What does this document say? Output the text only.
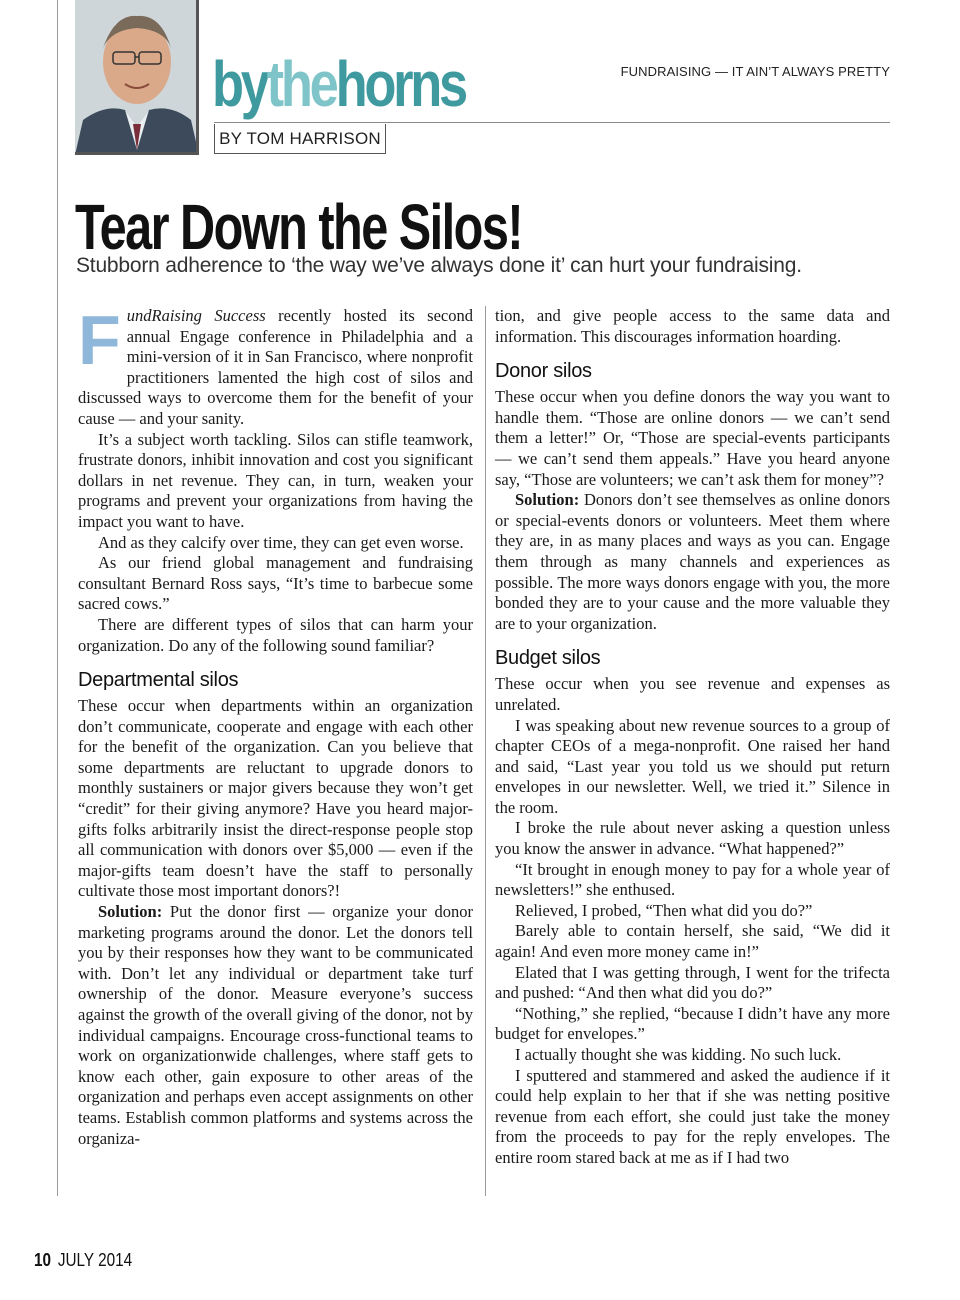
bythehorns
BY TOM HARRISON
FUNDRAISING — IT AIN’T ALWAYS PRETTY
Tear Down the Silos!
Stubborn adherence to ‘the way we’ve always done it’ can hurt your fundraising.

FundRaising Success recently hosted its second annual Engage conference in Philadelphia and a mini-version of it in San Francisco, where nonprofit practitioners lamented the high cost of silos and discussed ways to overcome them for the benefit of your cause — and your sanity.

It’s a subject worth tackling. Silos can stifle teamwork, frustrate donors, inhibit innovation and cost you significant dollars in net revenue. They can, in turn, weaken your programs and prevent your organizations from having the impact you want to have.

And as they calcify over time, they can get even worse.

As our friend global management and fundraising consultant Bernard Ross says, “It’s time to barbecue some sacred cows.”

There are different types of silos that can harm your organization. Do any of the following sound familiar?

Departmental silos

These occur when departments within an organization don’t communicate, cooperate and engage with each other for the benefit of the organization. Can you believe that some departments are reluctant to upgrade donors to monthly sustainers or major givers because they won’t get “credit” for their giving anymore? Have you heard major-gifts folks arbitrarily insist the direct-response people stop all communication with donors over $5,000 — even if the major-gifts team doesn’t have the staff to personally cultivate those most important donors?!

Solution: Put the donor first — organize your donor marketing programs around the donor. Let the donors tell you by their responses how they want to be communicated with. Don’t let any individual or department take turf ownership of the donor. Measure everyone’s success against the growth of the overall giving of the donor, not by individual campaigns. Encourage cross-functional teams to work on organizationwide challenges, where staff gets to know each other, gain exposure to other areas of the organization and perhaps even accept assignments on other teams. Establish common platforms and systems across the organiza-

tion, and give people access to the same data and information. This discourages information hoarding.

Donor silos

These occur when you define donors the way you want to handle them. “Those are online donors — we can’t send them a letter!” Or, “Those are special-events participants — we can’t send them appeals.” Have you heard anyone say, “Those are volunteers; we can’t ask them for money”?

Solution: Donors don’t see themselves as online donors or special-events donors or volunteers. Meet them where they are, in as many places and ways as you can. Engage them through as many channels and experiences as possible. The more ways donors engage with you, the more bonded they are to your cause and the more valuable they are to your organization.

Budget silos

These occur when you see revenue and expenses as unrelated.

I was speaking about new revenue sources to a group of chapter CEOs of a mega-nonprofit. One raised her hand and said, “Last year you told us we should put return envelopes in our newsletter. Well, we tried it.” Silence in the room.

I broke the rule about never asking a question unless you know the answer in advance. “What happened?”

“It brought in enough money to pay for a whole year of newsletters!” she enthused.

Relieved, I probed, “Then what did you do?”

Barely able to contain herself, she said, “We did it again! And even more money came in!”

Elated that I was getting through, I went for the trifecta and pushed: “And then what did you do?”

“Nothing,” she replied, “because I didn’t have any more budget for envelopes.”

I actually thought she was kidding. No such luck.

I sputtered and stammered and asked the audience if it could help explain to her that if she was netting positive revenue from each effort, she could just take the money from the proceeds to pay for the reply envelopes. The entire room stared back at me as if I had two

10 JULY 2014
